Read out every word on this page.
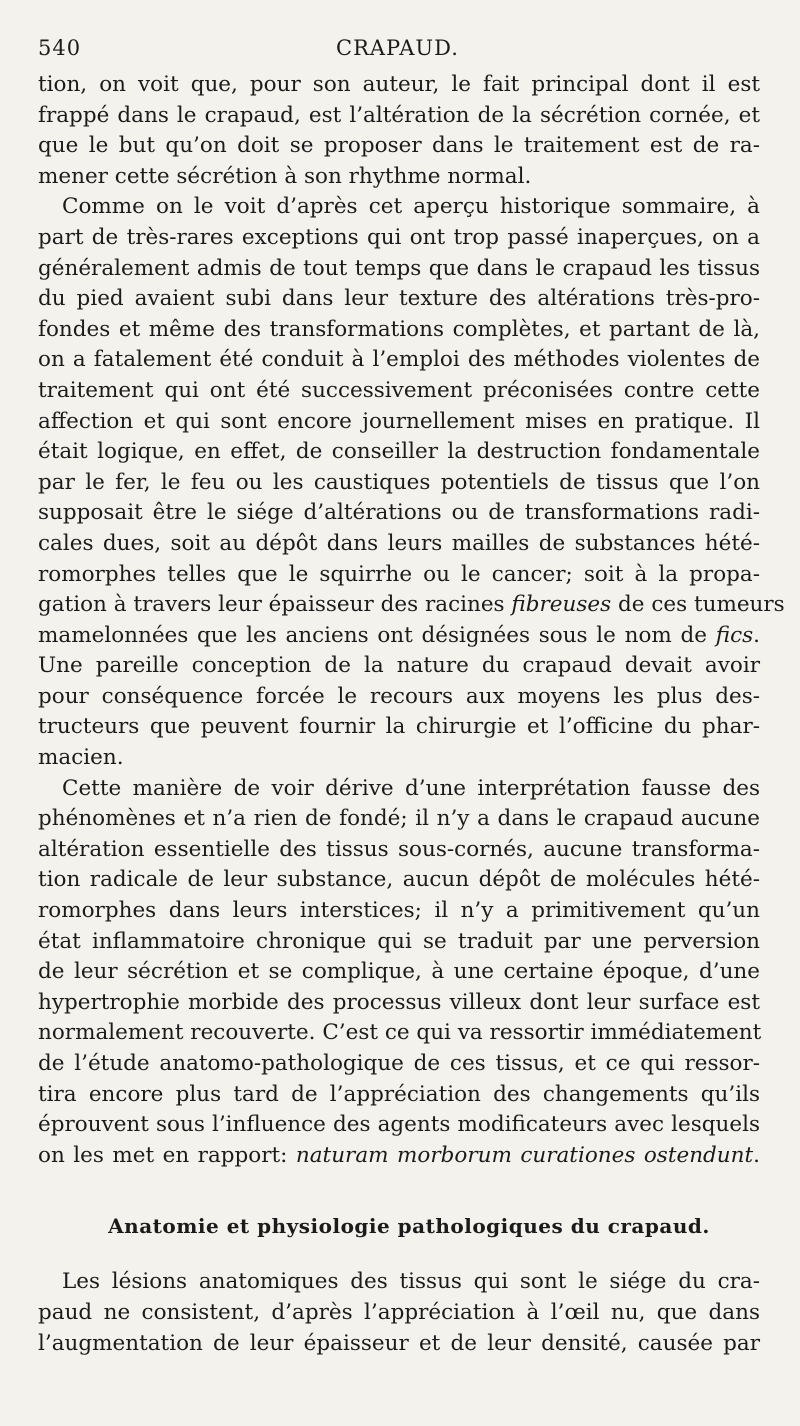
540	CRAPAUD.
tion, on voit que, pour son auteur, le fait principal dont il est
frappé dans le crapaud, est l’altération de la sécrétion cornée, et
que le but qu’on doit se proposer dans le traitement est de ra-
mener cette sécrétion à son rhythme normal.
Comme on le voit d’après cet aperçu historique sommaire, à
part de très-rares exceptions qui ont trop passé inaperçues, on a
généralement admis de tout temps que dans le crapaud les tissus
du pied avaient subi dans leur texture des altérations très-pro-
fondes et même des transformations complètes, et partant de là,
on a fatalement été conduit à l’emploi des méthodes violentes de
traitement qui ont été successivement préconisées contre cette
affection et qui sont encore journellement mises en pratique. Il
était logique, en effet, de conseiller la destruction fondamentale
par le fer, le feu ou les caustiques potentiels de tissus que l’on
supposait être le siége d’altérations ou de transformations radi-
cales dues, soit au dépôt dans leurs mailles de substances hété-
romorphes telles que le squirrhe ou le cancer; soit à la propa-
gation à travers leur épaisseur des racines fibreuses de ces tumeurs
mamelonnées que les anciens ont désignées sous le nom de fics.
Une pareille conception de la nature du crapaud devait avoir
pour conséquence forcée le recours aux moyens les plus des-
tructeurs que peuvent fournir la chirurgie et l’officine du phar-
macien.
Cette manière de voir dérive d’une interprétation fausse des
phénomènes et n’a rien de fondé; il n’y a dans le crapaud aucune
altération essentielle des tissus sous-cornés, aucune transforma-
tion radicale de leur substance, aucun dépôt de molécules hété-
romorphes dans leurs interstices; il n’y a primitivement qu’un
état inflammatoire chronique qui se traduit par une perversion
de leur sécrétion et se complique, à une certaine époque, d’une
hypertrophie morbide des processus villeux dont leur surface est
normalement recouverte. C’est ce qui va ressortir immédiatement
de l’étude anatomo-pathologique de ces tissus, et ce qui ressor-
tira encore plus tard de l’appréciation des changements qu’ils
éprouvent sous l’influence des agents modificateurs avec lesquels
on les met en rapport: naturam morborum curationes ostendunt.
Anatomie et physiologie pathologiques du crapaud.
Les lésions anatomiques des tissus qui sont le siége du cra-
paud ne consistent, d’après l’appréciation à l’œil nu, que dans
l’augmentation de leur épaisseur et de leur densité, causée par
